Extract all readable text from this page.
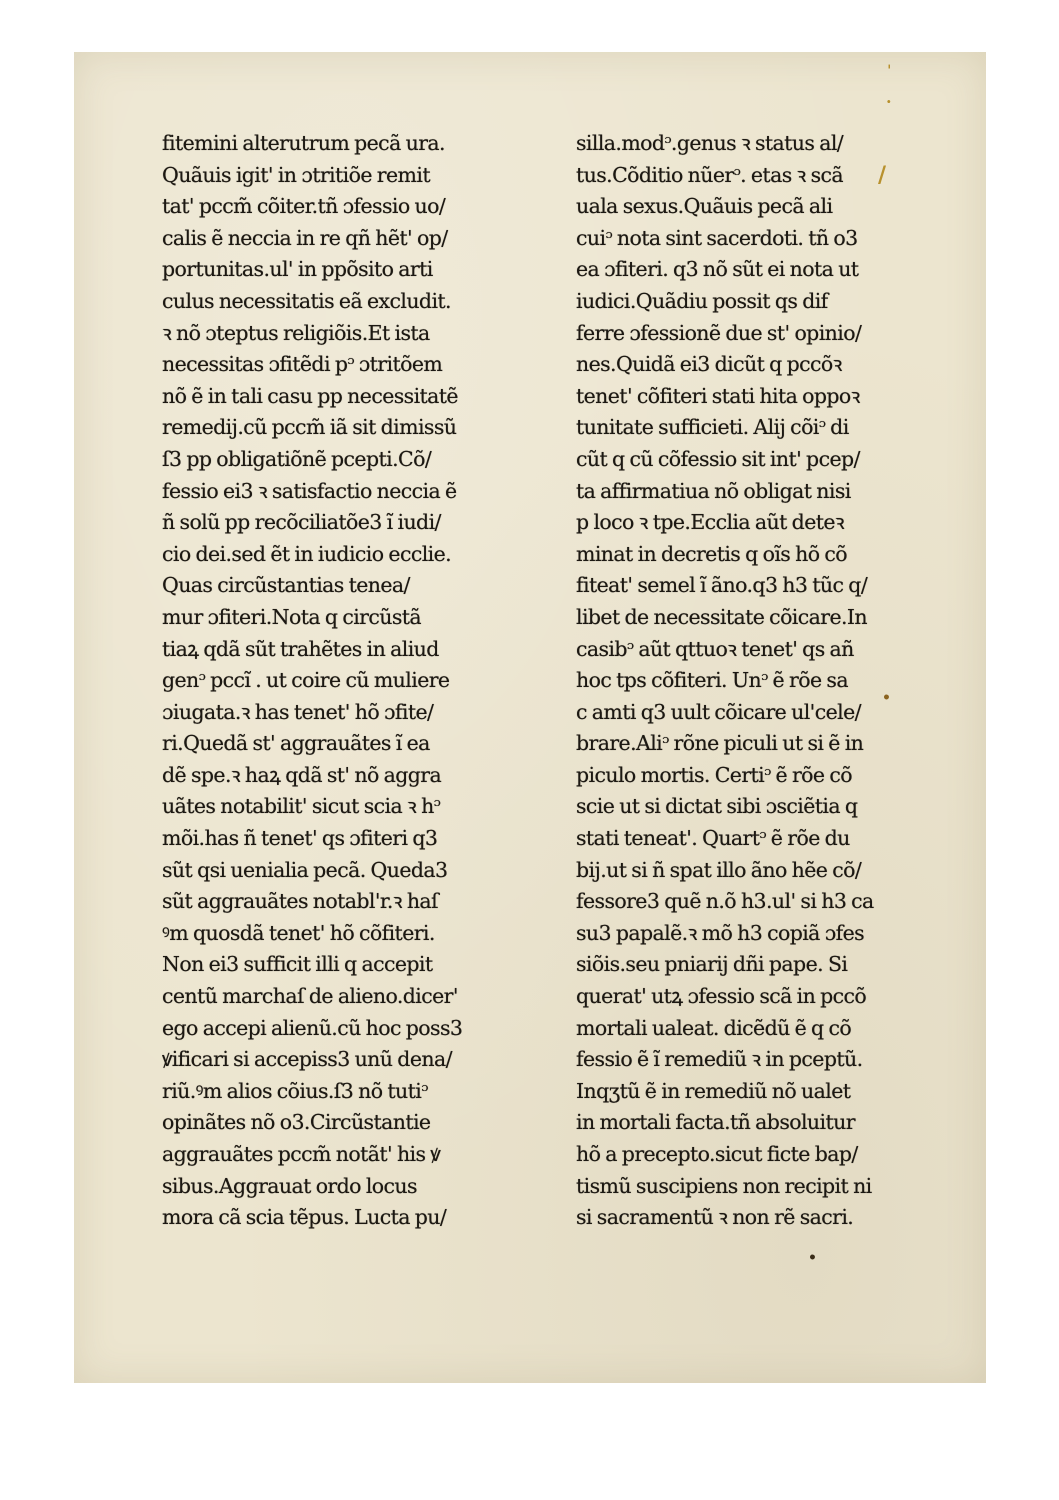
fitemini alterutrum pecã ura.
Quãuis igit' in ɔtritiõe remit
tat' pccm̃ cõiter.tñ ɔfessio uo/
calis ẽ neccia in re qñ hẽt' op/
portunitas.ul' in ppõsito arti
culus necessitatis eã excludit.
ꝛ nõ ɔteptus religiõis.Et ista
necessitas ɔfitẽdi pᵓ ɔtritõem
nõ ẽ in tali casu pp necessitatẽ
remedij.cũ pccm̃ iã sit dimissũ
ſ3 pp obligatiõnẽ pcepti.Cõ/
fessio ei3 ꝛ satisfactio neccia ẽ
ñ solũ pp recõciliatõe3 ĩ iudi/
cio dei.sed ẽt in iudicio ecclie.
Quas circũstantias tenea/
mur ɔfiteri.Nota q circũstã
tiaꝝ qdã sũt trahẽtes in aliud
genᵓ pccĩ . ut coire cũ muliere
ɔiugata.ꝛ has tenet' hõ ɔfite/
ri.Quedã st' aggrauãtes ĩ ea
dẽ spe.ꝛ haꝝ qdã st' nõ aggra
uãtes notabilit' sicut scia ꝛ hᵓ
mõi.has ñ tenet' qs ɔfiteri q3
sũt qsi uenialia pecã. Queda3
sũt aggrauãtes notabl'r.ꝛ haſ
ꝰm quosdã tenet' hõ cõfiteri.
Non ei3 sufficit illi q accepit
centũ marchaſ de alieno.dicer'
ego accepi alienũ.cũ hoc poss3
ꝟificari si accepiss3 unũ dena/
riũ.ꝰm alios cõius.ſ3 nõ tutiᵓ
opinãtes nõ o3.Circũstantie
aggrauãtes pccm̃ notãt' his ꝟ
sibus.Aggrauat ordo locus
mora cã scia tẽpus. Lucta pu/
silla.modᵓ.genus ꝛ status al/
tus.Cõditio nũerᵓ. etas ꝛ scã
uala sexus.Quãuis pecã ali
cuiᵓ nota sint sacerdoti. tñ o3
ea ɔfiteri. q3 nõ sũt ei nota ut
iudici.Quãdiu possit qs dif
ferre ɔfessionẽ due st' opinio/
nes.Quidã ei3 dicũt q pccõꝛ
tenet' cõfiteri stati hita oppoꝛ
tunitate sufficieti. Alij cõiᵓ di
cũt q cũ cõfessio sit int' pcep/
ta affirmatiua nõ obligat nisi
p loco ꝛ tpe.Ecclia aũt deteꝛ
minat in decretis q oĩs hõ cõ
fiteat' semel ĩ ãno.q3 h3 tũc q/
libet de necessitate cõicare.In
casibᵓ aũt qttuoꝛ tenet' qs añ
hoc tps cõfiteri. Unᵓ ẽ rõe sa
c amti q3 uult cõicare ul'cele/
brare.Aliᵓ rõne piculi ut si ẽ in
piculo mortis. Certiᵓ ẽ rõe cõ
scie ut si dictat sibi ɔsciẽtia q
stati teneat'. Quartᵓ ẽ rõe du
bij.ut si ñ spat illo ãno hẽe cõ/
fessore3 quẽ n.õ h3.ul' si h3 ca
su3 papalẽ.ꝛ mõ h3 copiã ɔfes
siõis.seu pniarij dñi pape. Si
querat' utꝝ ɔfessio scã in pccõ
mortali ualeat. dicẽdũ ẽ q cõ
fessio ẽ ĩ remediũ ꝛ in pceptũ.
Inqʒtũ ẽ in remediũ nõ ualet
in mortali facta.tñ absoluitur
hõ a precepto.sicut ficte bap/
tismũ suscipiens non recipit ni
si sacramentũ ꝛ non rẽ sacri.
ˌ
·
/
•
•
